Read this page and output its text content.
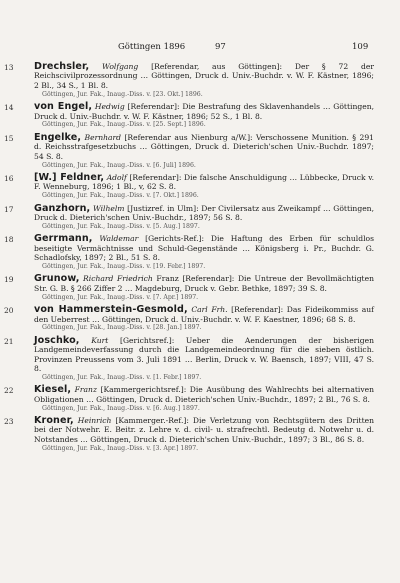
Göttingen 1896	97	109
13 Drechsler, Wolfgang [Referendar, aus Göttingen]: Der § 72 der Reichscivilprozessordnung … Göttingen, Druck d. Univ.-Buchdr. v. W. F. Kästner, 1896; 2 Bl., 34 S., 1 Bl. 8.
Göttingen, Jur. Fak., Inaug.-Diss. v. [23. Okt.] 1896.
14 von Engel, Hedwig [Referendar]: Die Bestrafung des Sklavenhandels … Göttingen, Druck d. Univ.-Buchdr. v. W. F. Kästner, 1896; 52 S., 1 Bl. 8.
Göttingen, Jur. Fak., Inaug.-Diss. v. [25. Sept.] 1896.
15 Engelke, Bernhard [Referendar aus Nienburg a/W.]: Verschossene Munition. § 291 d. Reichsstrafgesetzbuchs … Göttingen, Druck d. Dieterich'schen Univ.-Buchdr. 1897; 54 S. 8.
Göttingen, Jur. Fak., Inaug.-Diss. v. [6. Juli] 1896.
16 [W.] Feldner, Adolf [Referendar]: Die falsche Anschuldigung … Lübbecke, Druck v. F. Wenneburg, 1896; 1 Bl., v, 62 S. 8.
Göttingen, Jur. Fak., Inaug.-Diss. v. [7. Okt.] 1896.
17 Ganzhorn, Wilhelm [Justizref. in Ulm]: Der Civilersatz aus Zweikampf … Göttingen, Druck d. Dieterich'schen Univ.-Buchdr., 1897; 56 S. 8.
Göttingen, Jur. Fak., Inaug.-Diss. v. [5. Aug.] 1897.
18 Gerrmann, Waldemar [Gerichts-Ref.]: Die Haftung des Erben für schuldlos beseitigte Vermächtnisse und Schuld-Gegenstände … Königsberg i. Pr., Buchdr. G. Schadlofsky, 1897; 2 Bl., 51 S. 8.
Göttingen, Jur. Fak., Inaug.-Diss. v. [19. Febr.] 1897.
19 Grunow, Richard Friedrich Franz [Referendar]: Die Untreue der Bevollmächtigten Str. G. B. § 266 Ziffer 2 … Magdeburg, Druck v. Gebr. Bethke, 1897; 39 S. 8.
Göttingen, Jur. Fak., Inaug.-Diss. v. [7. Apr.] 1897.
20 von Hammerstein-Gesmold, Carl Frh. [Referendar]: Das Fideikommiss auf den Ueberrest … Göttingen, Druck d. Univ.-Buchdr. v. W. F. Kaestner, 1896; 68 S. 8.
Göttingen, Jur. Fak., Inaug.-Diss. v. [28. Jan.] 1897.
21 Joschko, Kurt [Gerichtsref.]: Ueber die Aenderungen der bisherigen Landgemeindeverfassung durch die Landgemeindeordnung für die sieben östlich. Provinzen Preussens vom 3. Juli 1891 … Berlin, Druck v. W. Baensch, 1897; VIII, 47 S. 8.
Göttingen, Jur. Fak., Inaug.-Diss. v. [1. Febr.] 1897.
22 Kiesel, Franz [Kammergerichtsref.]: Die Ausübung des Wahlrechts bei alternativen Obligationen … Göttingen, Druck d. Dieterich'schen Univ.-Buchdr., 1897; 2 Bl., 76 S. 8.
Göttingen, Jur. Fak., Inaug.-Diss. v. [6. Aug.] 1897.
23 Kroner, Heinrich [Kammerger.-Ref.]: Die Verletzung von Rechtsgütern des Dritten bei der Notwehr. E. Beitr. z. Lehre v. d. civil- u. strafrechtl. Bedeutg d. Notwehr u. d. Notstandes … Göttingen, Druck d. Dieterich'schen Univ.-Buchdr., 1897; 3 Bl., 86 S. 8.
Göttingen, Jur. Fak., Inaug.-Diss. v. [3. Apr.] 1897.
